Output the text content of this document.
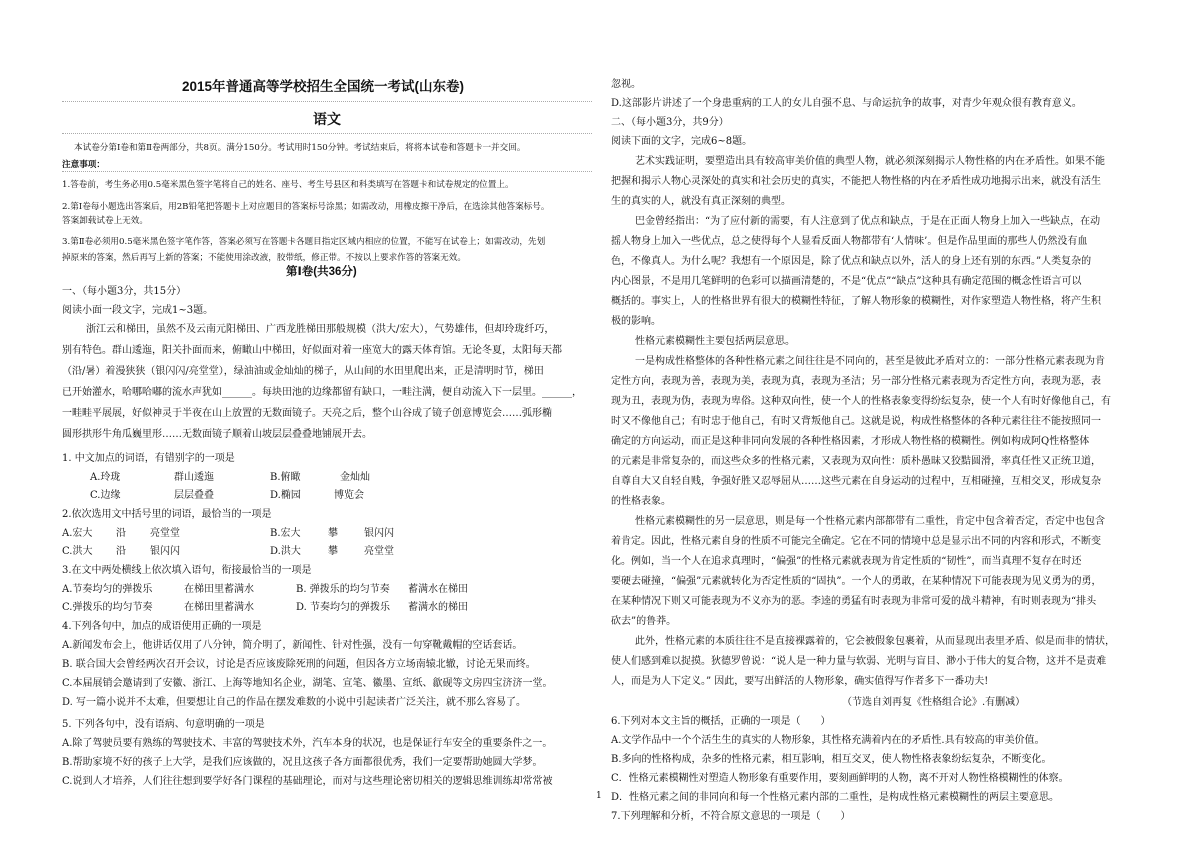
2015年普通高等学校招生全国统一考试(山东卷)
语文
本试卷分第Ⅰ卷和第Ⅱ卷两部分，共8页。满分150分。考试用时150分钟。考试结束后，将将本试卷和答题卡一并交回。
注意事项：
1.答卷前，考生务必用0.5毫米黑色签字笔将自己的姓名、座号、考生号县区和科类填写在答题卡和试卷规定的位置上。
2.第Ⅰ卷每小题选出答案后，用2B铅笔把答题卡上对应题目的答案标号涂黑；如需改动，用橡皮擦干净后，在选涂其他答案标号。
答案卸载试卷上无效。
3.第Ⅱ卷必须用0.5毫米黑色签字笔作答，答案必须写在答题卡各题目指定区域内相应的位置，不能写在试卷上；如需改动，先划
掉原来的答案，然后再写上新的答案；不能使用涂改液，胶带纸，修正带。不按以上要求作答的答案无效。
第Ⅰ卷(共36分)
一、（每小题3分，共15分）
阅读小面一段文字，完成1~3题。
浙江云和梯田，虽然不及云南元阳梯田、广西龙胜梯田那般规模（洪大/宏大），气势雄伟，但却玲珑纤巧，
别有特色。群山逶迤，阳关扑面而来，俯瞰山中梯田，好似面对着一座宽大的露天体育馆。无论冬夏，太阳每天都
（沿/暑）着漫狭狭（银闪闪/亮堂堂），绿油油或金灿灿的梯子，从山间的水田里爬出来，正是清明时节，梯田
已开始灌水，哈哪哈嘟的流水声犹如______。每块田池的边缘都留有缺口，一畦注满，便自动流入下一层里。______，
一畦畦平展展，好似神灵于半夜在山上放置的无数面镜子。天亮之后，整个山谷成了镜子创意博览会……弧形椭
圆形拱形牛角瓜巍里形……无数面镜子顺着山坡层层叠叠地铺展开去。
1. 中文加点的词语，有错别字的一项是
A.玲珑	群山逶迤	B.俯瞰	金灿灿
C.边缘	层层叠叠	D.椭园	博览会
2.依次选用文中括号里的词语，最恰当的一项是
A.宏大 沿 亮堂堂	B.宏大	攀	银闪闪
C.洪大 沿 银闪闪	D.洪大	攀	亮堂堂
3.在文中两处横线上依次填入语句，衔接最恰当的一项是
A.节奏均匀的弹拨乐	在梯田里蓄满水	B. 弹拨乐的均匀节奏 蓄满水在梯田
C.弹拨乐的均匀节奏	在梯田里蓄满水	D. 节奏均匀的弹拨乐 蓄满水的梯田
4.下列各句中，加点的成语使用正确的一项是
A.新闻发布会上，他讲话仅用了八分钟，简介明了，新闻性、针对性强，没有一句穿靴戴帽的空话套话。
B. 联合国大会曾经两次召开会议，讨论是否应该废除死刑的问题，但因各方立场南辕北辙，讨论无果而终。
C.本届展销会邀请到了安徽、浙江、上海等地知名企业，湖笔、宣笔、徽墨、宣纸、歙砚等文房四宝济济一堂。
D. 写一篇小说并不太难，但要想让自己的作品在摆发难数的小说中引起读者广泛关注，就不那么容易了。
5. 下列各句中，没有语病、句意明确的一项是
A.除了驾驶员要有熟练的驾驶技术、丰富的驾驶技术外，汽车本身的状况，也是保证行车安全的重要条件之一。
B.帮助家境不好的孩子上大学，是我们应该做的，况且这孩子各方面都很优秀，我们一定要帮助她圆大学梦。
C.说到人才培养，人们往往想到要学好各门课程的基础理论，而对与这些理论密切相关的逻辑思维训练却常常被
忽视。
D.这部影片讲述了一个身患重病的工人的女儿自强不息、与命运抗争的故事，对青少年观众很有教育意义。
二、（每小题3分，共9分）
阅读下面的文字，完成6~8题。
艺术实践证明，要塑造出具有较高审美价值的典型人物，就必须深刻揭示人物性格的内在矛盾性。如果不能
把握和揭示人物心灵深处的真实和社会历史的真实，不能把人物性格的内在矛盾性成功地揭示出来，就没有活生
生的真实的人，就没有真正深刻的典型。
巴金曾经指出：“为了应付新的需要，有人注意到了优点和缺点，于是在正面人物身上加入一些缺点，在动
摇人物身上加入一些优点，总之使得每个人显看反面人物都带有‘人情味’。但是作品里面的那些人仍然没有血
色，不像真人。为什么呢？我想有一个原因是，除了优点和缺点以外，活人的身上还有别的东西。”人类复杂的
内心图景，不是用几笔鲜明的色彩可以描画清楚的，不是“优点”“缺点”这种具有确定范围的概念性语言可以
概括的。事实上，人的性格世界有很大的模糊性特征，了解人物形象的模糊性，对作家塑造人物性格，将产生积
极的影响。
性格元素模糊性主要包括两层意思。
一是构成性格整体的各种性格元素之间往往是不同向的，甚至是彼此矛盾对立的：一部分性格元素表现为肯
定性方向，表现为善，表现为美，表现为真，表现为圣洁；另一部分性格元素表现为否定性方向，表现为恶，表
现为丑，表现为伪，表现为卑俗。这种双向性，使一个人的性格表象变得纷纭复杂，使一个人有时好像他自己，有
时又不像他自己；有时忠于他自己，有时又背叛他自己。这就是说，构成性格整体的各种元素往往不能按照同一
确定的方向运动，而正是这种非同向发展的各种性格因素，才形成人物性格的模糊性。例如构成阿Q性格整体
的元素是非常复杂的，而这些众多的性格元素，又表现为双向性：质朴愚昧又狡黠圆滑，率真任性又正统卫道，
自尊自大又自轻自贱，争强好胜又忍辱屈从……这些元素在自身运动的过程中，互相碰撞，互相交叉，形成复杂
的性格表象。
性格元素模糊性的另一层意思，则是每一个性格元素内部都带有二重性，肯定中包含着否定，否定中也包含
着肯定。因此，性格元素自身的性质不可能完全确定。它在不同的情境中总是显示出不同的内容和形式，不断变
化。例如，当一个人在追求真理时，“偏强”的性格元素就表现为肯定性质的“韧性”，而当真理不复存在时还
要硬去碰撞，“偏强”元素就转化为否定性质的“固执”。一个人的勇敢，在某种情况下可能表现为见义勇为的勇，
在某种情况下则又可能表现为不义亦为的恶。李逵的勇猛有时表现为非常可爱的战斗精神，有时则表现为“排头
砍去”的鲁莽。
此外，性格元素的本质往往不是直接裸露着的，它会被假象包裹着，从而显现出表里矛盾、似是而非的情状，
使人们感到难以捉摸。狄德罗曾说：“说人是一种力量与软弱、光明与盲目、渺小于伟大的复合物，这并不是责难
人，而是为人下定义。” 因此，要写出鲜活的人物形象，确实值得写作者多下一番功夫!
（节选自刘再复《性格组合论》.有删减）
6.下列对本文主旨的概括，正确的一项是（　　）
A.文学作品中一个个活生生的真实的人物形象，其性格充满着内在的矛盾性.具有较高的审美价值。
B.多向的性格构成，杂多的性格元素，相互影响，相互交叉，使人物性格表象纷纭复杂，不断变化。
C．性格元素模糊性对塑造人物形象有重要作用，要刻画鲜明的人物，离不开对人物性格模糊性的体察。
D．性格元素之间的非同向和每一个性格元素内部的二重性，是构成性格元素模糊性的两层主要意思。
7.下列理解和分析，不符合原文意思的一项是（　　）
1
